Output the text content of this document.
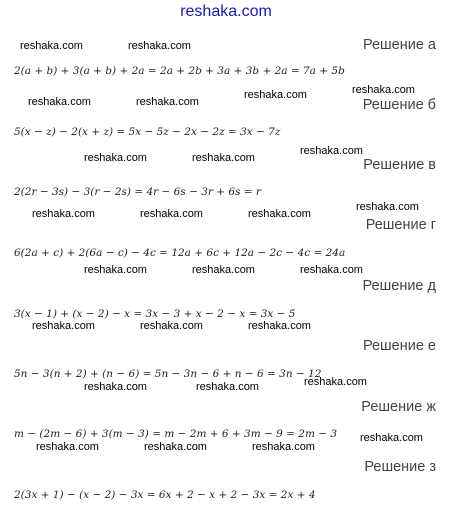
reshaka.com
reshaka.com	reshaka.com
reshaka.com	reshaka.com
reshaka.com	reshaka.com
reshaka.com	reshaka.com
reshaka.com
reshaka.com	reshaka.com	reshaka.com
reshaka.com
reshaka.com	reshaka.com	reshaka.com
reshaka.com	reshaka.com	reshaka.com
reshaka.com	reshaka.com	reshaka.com
reshaka.com	reshaka.com	reshaka.com
reshaka.com
Решение а
Решение б
Решение в
Решение г
Решение д
Решение е
Решение ж
Решение з
2(a + b) + 3(a + b) + 2a = 2a + 2b + 3a + 3b + 2a = 7a + 5b
5(x − z) − 2(x + z) = 5x − 5z − 2x − 2z = 3x − 7z
2(2r − 3s) − 3(r − 2s) = 4r − 6s − 3r + 6s = r
6(2a + c) + 2(6a − c) − 4c = 12a + 6c + 12a − 2c − 4c = 24a
3(x − 1) + (x − 2) − x = 3x − 3 + x − 2 − x = 3x − 5
5n − 3(n + 2) + (n − 6) = 5n − 3n − 6 + n − 6 = 3n − 12
m − (2m − 6) + 3(m − 3) = m − 2m + 6 + 3m − 9 = 2m − 3
2(3x + 1) − (x − 2) − 3x = 6x + 2 − x + 2 − 3x = 2x + 4
